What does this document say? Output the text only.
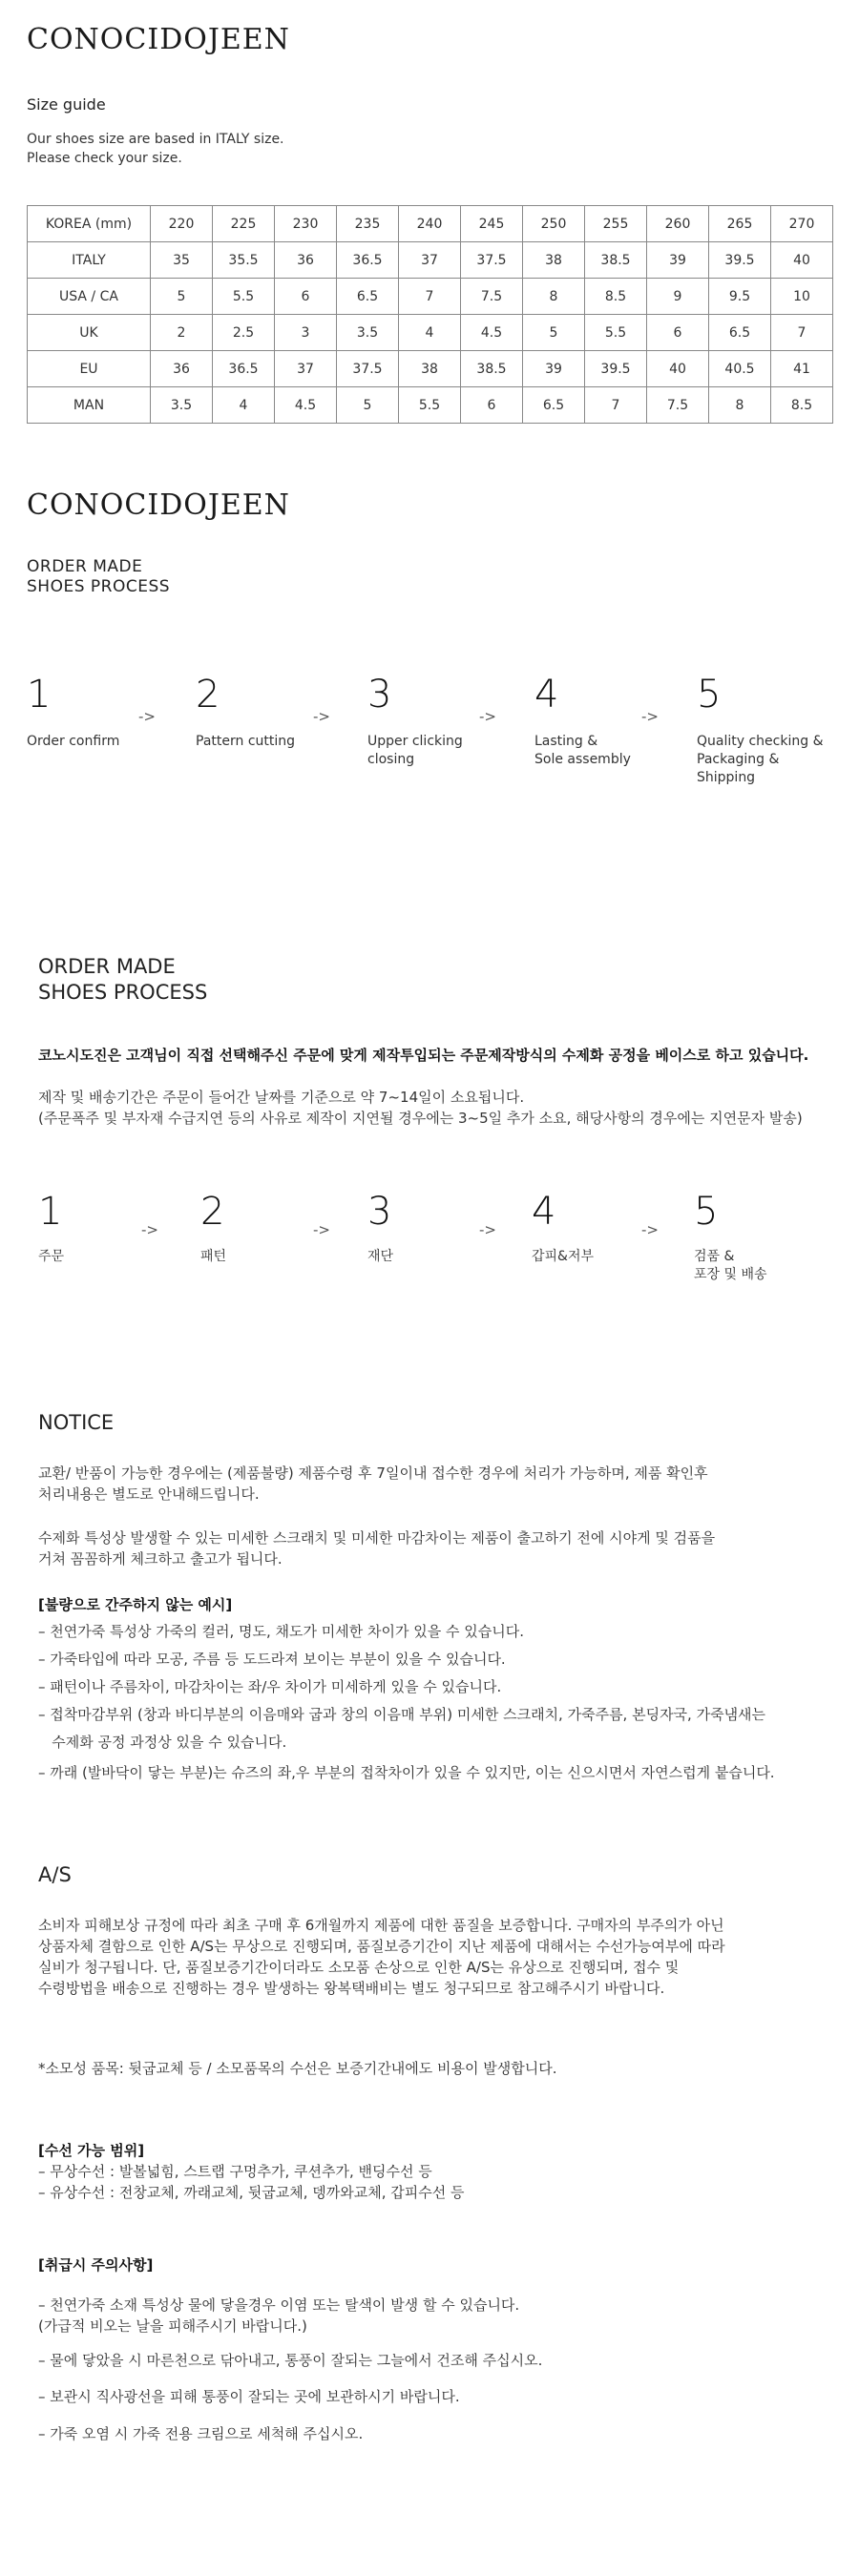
CONOCIDOJEEN
Size guide
Our shoes size are based in ITALY size.
Please check your size.
KOREA (mm)	220	225	230	235	240	245	250	255	260	265	270
ITALY	35	35.5	36	36.5	37	37.5	38	38.5	39	39.5	40
USA / CA	5	5.5	6	6.5	7	7.5	8	8.5	9	9.5	10
UK	2	2.5	3	3.5	4	4.5	5	5.5	6	6.5	7
EU	36	36.5	37	37.5	38	38.5	39	39.5	40	40.5	41
MAN	3.5	4	4.5	5	5.5	6	6.5	7	7.5	8	8.5
CONOCIDOJEEN
ORDER MADE
SHOES PROCESS
1
Order confirm
2
Pattern cutting
3
Upper clicking
closing
4
Lasting &
Sole assembly
5
Quality checking &
Packaging &
Shipping
->	->	->	->
ORDER MADE
SHOES PROCESS
코노시도진은 고객님이 직접 선택해주신 주문에 맞게 제작투입되는 주문제작방식의 수제화 공정을 베이스로 하고 있습니다.
제작 및 배송기간은 주문이 들어간 날짜를 기준으로 약 7~14일이 소요됩니다.
(주문폭주 및 부자재 수급지연 등의 사유로 제작이 지연될 경우에는 3~5일 추가 소요, 해당사항의 경우에는 지연문자 발송)
1
주문
2
패턴
3
재단
4
갑피&저부
5
검품 &
포장 및 배송
->	->	->	->
NOTICE
교환/ 반품이 가능한 경우에는 (제품불량) 제품수령 후 7일이내 접수한 경우에 처리가 가능하며, 제품 확인후
처리내용은 별도로 안내해드립니다.
수제화 특성상 발생할 수 있는 미세한 스크래치 및 미세한 마감차이는 제품이 출고하기 전에 시야게 및 검품을
거쳐 꼼꼼하게 체크하고 출고가 됩니다.
[불량으로 간주하지 않는 예시]
– 천연가죽 특성상 가죽의 컬러, 명도, 채도가 미세한 차이가 있을 수 있습니다.
– 가죽타입에 따라 모공, 주름 등 도드라져 보이는 부분이 있을 수 있습니다.
– 패턴이나 주름차이, 마감차이는 좌/우 차이가 미세하게 있을 수 있습니다.
– 접착마감부위 (창과 바디부분의 이음매와 굽과 창의 이음매 부위) 미세한 스크래치, 가죽주름, 본딩자국, 가죽냄새는
수제화 공정 과정상 있을 수 있습니다.
– 까래 (발바닥이 닿는 부분)는 슈즈의 좌,우 부분의 접착차이가 있을 수 있지만, 이는 신으시면서 자연스럽게 붙습니다.
A/S
소비자 피해보상 규정에 따라 최초 구매 후 6개월까지 제품에 대한 품질을 보증합니다. 구매자의 부주의가 아닌
상품자체 결함으로 인한 A/S는 무상으로 진행되며, 품질보증기간이 지난 제품에 대해서는 수선가능여부에 따라
실비가 청구됩니다. 단, 품질보증기간이더라도 소모품 손상으로 인한 A/S는 유상으로 진행되며, 접수 및
수령방법을 배송으로 진행하는 경우 발생하는 왕복택배비는 별도 청구되므로 참고해주시기 바랍니다.
*소모성 품목: 뒷굽교체 등 / 소모품목의 수선은 보증기간내에도 비용이 발생합니다.
[수선 가능 범위]
– 무상수선 : 발볼넓힘, 스트랩 구멍추가, 쿠션추가, 밴딩수선 등
– 유상수선 : 전창교체, 까래교체, 뒷굽교체, 뎅까와교체, 갑피수선 등
[취급시 주의사항]
– 천연가죽 소재 특성상 물에 닿을경우 이염 또는 탈색이 발생 할 수 있습니다.
(가급적 비오는 날을 피해주시기 바랍니다.)
– 물에 닿았을 시 마른천으로 닦아내고, 통풍이 잘되는 그늘에서 건조해 주십시오.
– 보관시 직사광선을 피해 통풍이 잘되는 곳에 보관하시기 바랍니다.
– 가죽 오염 시 가죽 전용 크림으로 세척해 주십시오.
